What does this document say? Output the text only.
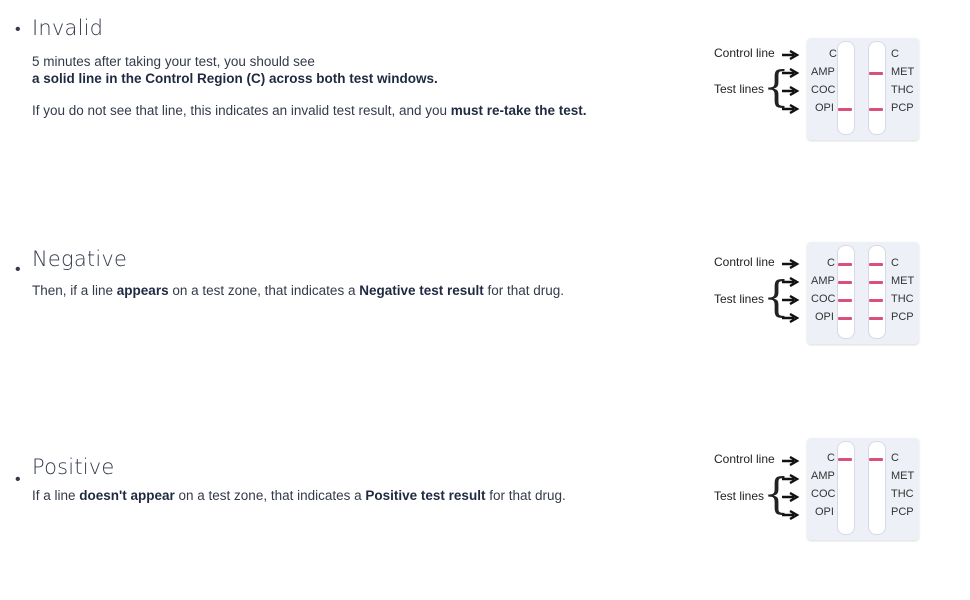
• Invalid
5 minutes after taking your test, you should see
a solid line in the Control Region (C) across both test windows.
If you do not see that line, this indicates an invalid test result, and you must re-take the test.
Control line
Test lines
{
C
AMP
COC
OPI
C
MET
THC
PCP
• Negative
Then, if a line appears on a test zone, that indicates a Negative test result for that drug.
Control line
Test lines
{
C
AMP
COC
OPI
C
MET
THC
PCP
•
Positive
If a line doesn't appear on a test zone, that indicates a Positive test result for that drug.
Control line
Test lines
{
C
AMP
COC
OPI
C
MET
THC
PCP
